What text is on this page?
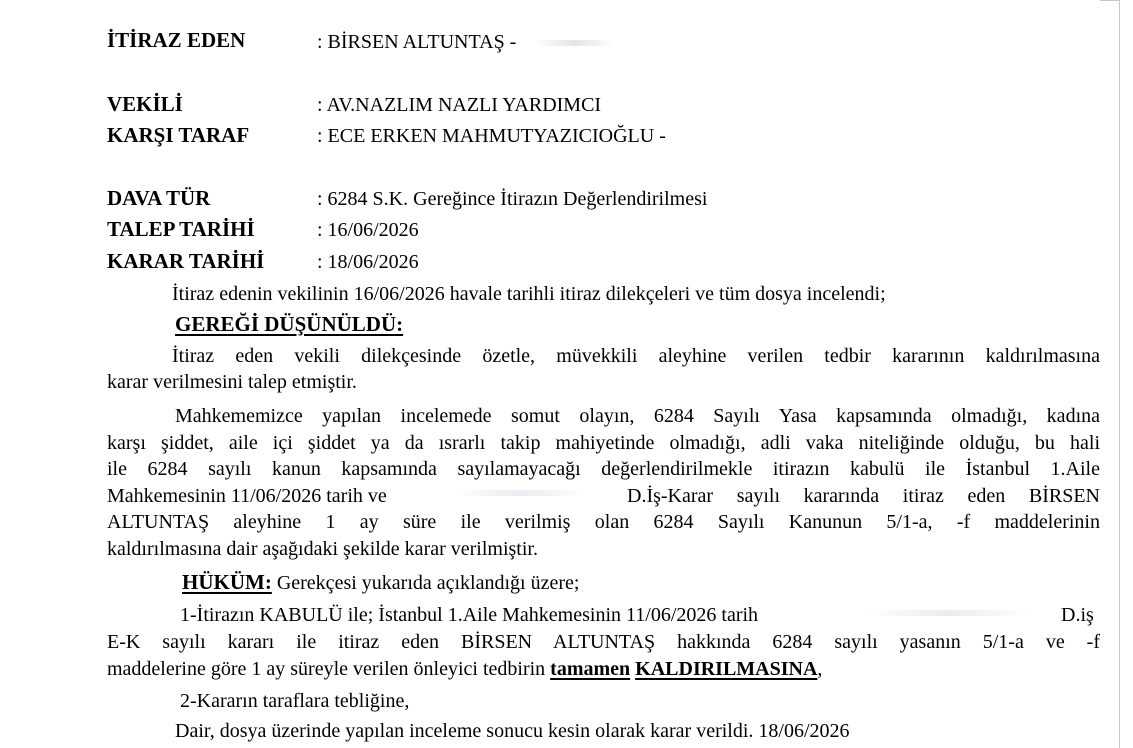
İTİRAZ EDEN	: BİRSEN ALTUNTAŞ -
VEKİLİ	: AV.NAZLIM NAZLI YARDIMCI
KARŞI TARAF	: ECE ERKEN MAHMUTYAZICIOĞLU -
DAVA TÜR	: 6284 S.K. Gereğince İtirazın Değerlendirilmesi
TALEP TARİHİ	: 16/06/2026
KARAR TARİHİ	: 18/06/2026
İtiraz edenin vekilinin 16/06/2026 havale tarihli itiraz dilekçeleri ve tüm dosya incelendi;
GEREĞİ DÜŞÜNÜLDÜ:
İtiraz eden vekili dilekçesinde özetle, müvekkili aleyhine verilen tedbir kararının kaldırılmasına
karar verilmesini talep etmiştir.
Mahkememizce yapılan incelemede somut olayın, 6284 Sayılı Yasa kapsamında olmadığı, kadına
karşı şiddet, aile içi şiddet ya da ısrarlı takip mahiyetinde olmadığı, adli vaka niteliğinde olduğu, bu hali
ile 6284 sayılı kanun kapsamında sayılamayacağı değerlendirilmekle itirazın kabulü ile İstanbul 1.Aile
Mahkemesinin 11/06/2026 tarih ve	D.İş-Karar sayılı kararında itiraz eden BİRSEN
ALTUNTAŞ aleyhine 1 ay süre ile verilmiş olan 6284 Sayılı Kanunun 5/1-a, -f maddelerinin
kaldırılmasına dair aşağıdaki şekilde karar verilmiştir.
HÜKÜM: Gerekçesi yukarıda açıklandığı üzere;
1-İtirazın KABULÜ ile; İstanbul 1.Aile Mahkemesinin 11/06/2026 tarih	D.iş
E-K sayılı kararı ile itiraz eden BİRSEN ALTUNTAŞ hakkında 6284 sayılı yasanın 5/1-a ve -f
maddelerine göre 1 ay süreyle verilen önleyici tedbirin tamamen KALDIRILMASINA,
2-Kararın taraflara tebliğine,
Dair, dosya üzerinde yapılan inceleme sonucu kesin olarak karar verildi. 18/06/2026
